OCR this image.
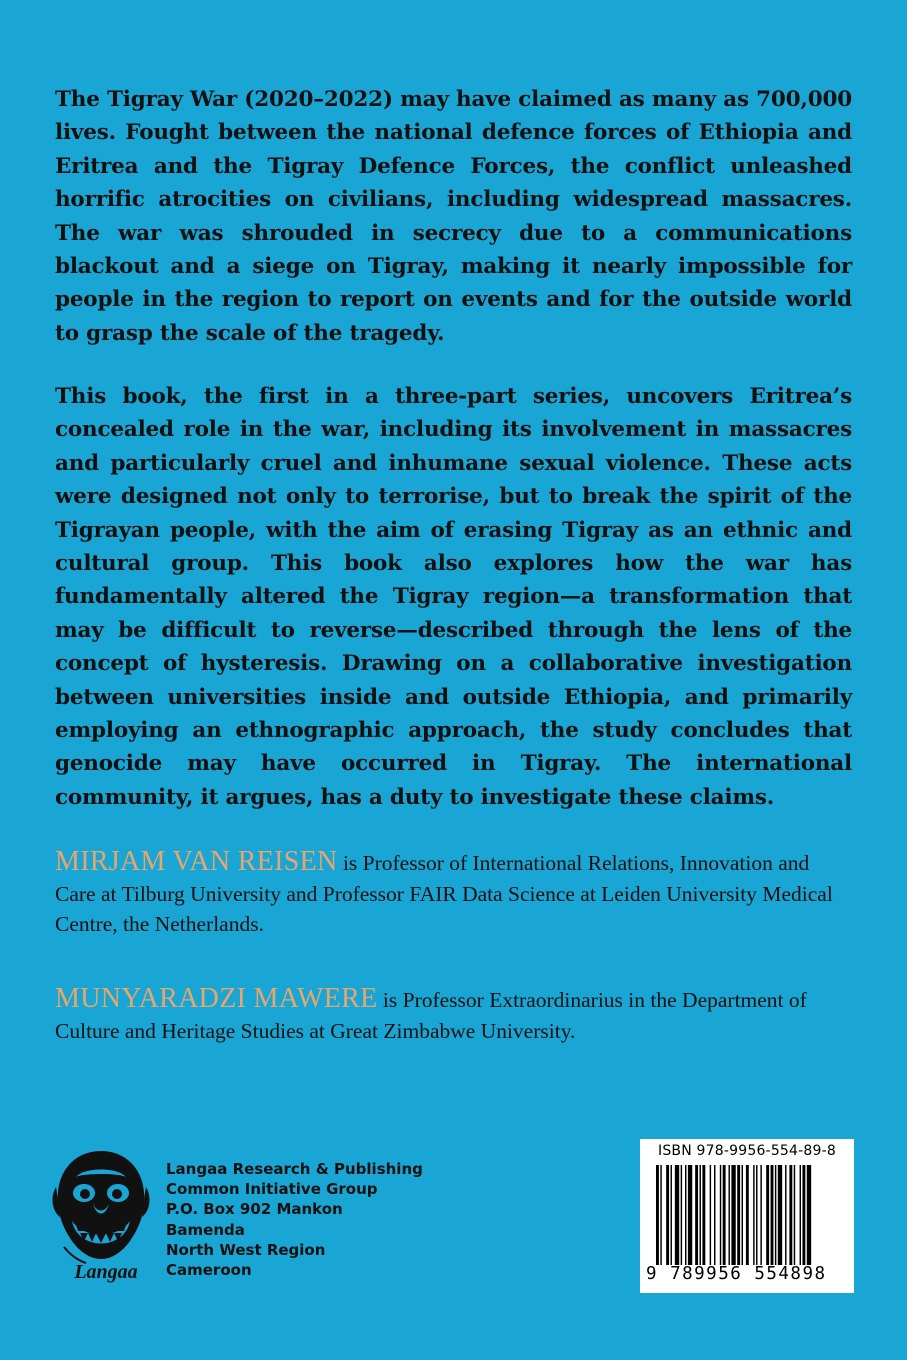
The Tigray War (2020–2022) may have claimed as many as 700,000 lives. Fought between the national defence forces of Ethiopia and Eritrea and the Tigray Defence Forces, the conflict unleashed horrific atrocities on civilians, including widespread massacres. The war was shrouded in secrecy due to a communications blackout and a siege on Tigray, making it nearly impossible for people in the region to report on events and for the outside world to grasp the scale of the tragedy.

This book, the first in a three-part series, uncovers Eritrea’s concealed role in the war, including its involvement in massacres and particularly cruel and inhumane sexual violence. These acts were designed not only to terrorise, but to break the spirit of the Tigrayan people, with the aim of erasing Tigray as an ethnic and cultural group. This book also explores how the war has fundamentally altered the Tigray region—a transformation that may be difficult to reverse—described through the lens of the concept of hysteresis. Drawing on a collaborative investigation between universities inside and outside Ethiopia, and primarily employing an ethnographic approach, the study concludes that genocide may have occurred in Tigray. The international community, it argues, has a duty to investigate these claims.

MIRJAM VAN REISEN is Professor of International Relations, Innovation and Care at Tilburg University and Professor FAIR Data Science at Leiden University Medical Centre, the Netherlands.

MUNYARADZI MAWERE is Professor Extraordinarius in the Department of Culture and Heritage Studies at Great Zimbabwe University.

Langaa
Langaa Research & Publishing
Common Initiative Group
P.O. Box 902 Mankon
Bamenda
North West Region
Cameroon
ISBN 978-9956-554-89-8
9 789956 554898
